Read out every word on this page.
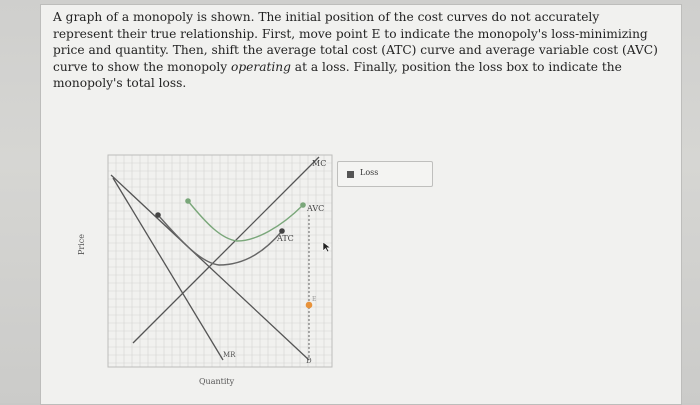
A graph of a monopoly is shown. The initial position of the cost curves do not accurately represent their true relationship. First, move point E to indicate the monopoly's loss-minimizing price and quantity. Then, shift the average total cost (ATC) curve and average variable cost (AVC) curve to show the monopoly operating at a loss. Finally, position the loss box to indicate the monopoly's total loss.

MC
AVC
ATC
MR
D
E
Price
Quantity
Loss
